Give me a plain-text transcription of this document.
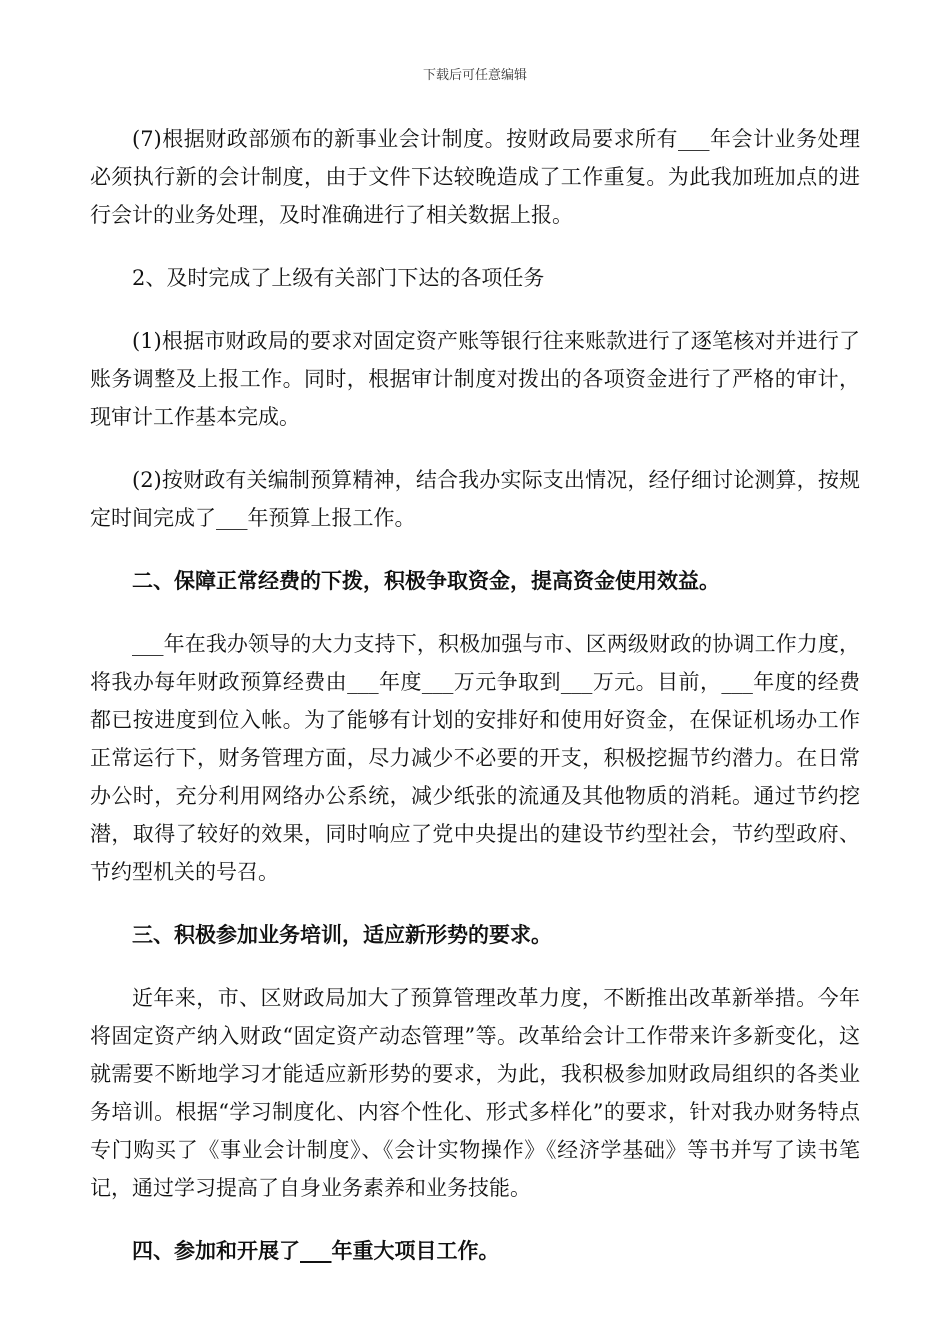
下载后可任意编辑

(7)根据财政部颁布的新事业会计制度。按财政局要求所有___年会计业务处理必须执行新的会计制度，由于文件下达较晚造成了工作重复。为此我加班加点的进行会计的业务处理，及时准确进行了相关数据上报。

2、及时完成了上级有关部门下达的各项任务

(1)根据市财政局的要求对固定资产账等银行往来账款进行了逐笔核对并进行了账务调整及上报工作。同时，根据审计制度对拨出的各项资金进行了严格的审计，现审计工作基本完成。

(2)按财政有关编制预算精神，结合我办实际支出情况，经仔细讨论测算，按规定时间完成了___年预算上报工作。

二、保障正常经费的下拨，积极争取资金，提高资金使用效益。

___年在我办领导的大力支持下，积极加强与市、区两级财政的协调工作力度，将我办每年财政预算经费由___年度___万元争取到___万元。目前，___年度的经费都已按进度到位入帐。为了能够有计划的安排好和使用好资金，在保证机场办工作正常运行下，财务管理方面，尽力减少不必要的开支，积极挖掘节约潜力。在日常办公时，充分利用网络办公系统，减少纸张的流通及其他物质的消耗。通过节约挖潜，取得了较好的效果，同时响应了党中央提出的建设节约型社会，节约型政府、节约型机关的号召。

三、积极参加业务培训，适应新形势的要求。

近年来，市、区财政局加大了预算管理改革力度，不断推出改革新举措。今年将固定资产纳入财政“固定资产动态管理”等。改革给会计工作带来许多新变化，这就需要不断地学习才能适应新形势的要求，为此，我积极参加财政局组织的各类业务培训。根据“学习制度化、内容个性化、形式多样化”的要求，针对我办财务特点专门购买了《事业会计制度》、《会计实物操作》《经济学基础》等书并写了读书笔记，通过学习提高了自身业务素养和业务技能。

四、参加和开展了___年重大项目工作。
